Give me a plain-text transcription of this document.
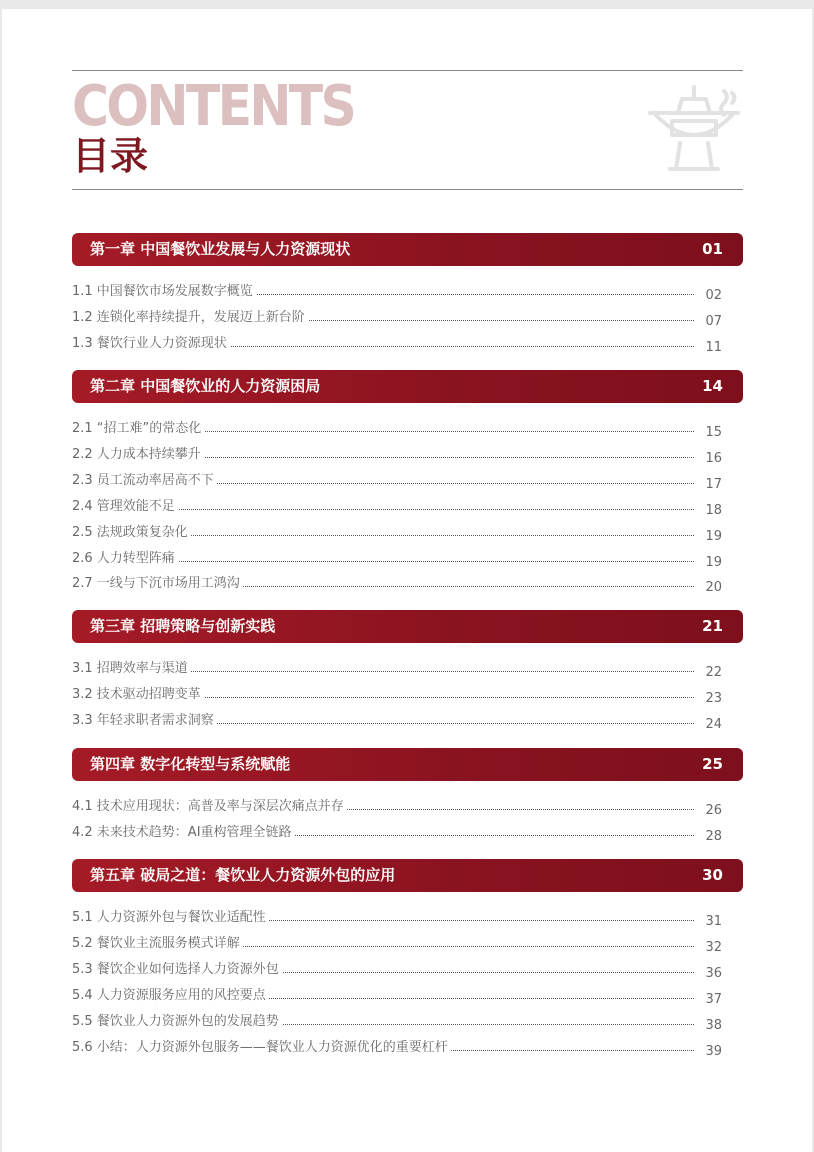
CONTENTS
目录
第一章 中国餐饮业发展与人力资源现状	01
1.1 中国餐饮市场发展数字概览	02
1.2 连锁化率持续提升，发展迈上新台阶	07
1.3 餐饮行业人力资源现状	11
第二章 中国餐饮业的人力资源困局	14
2.1 “招工难”的常态化	15
2.2 人力成本持续攀升	16
2.3 员工流动率居高不下	17
2.4 管理效能不足	18
2.5 法规政策复杂化	19
2.6 人力转型阵痛	19
2.7 一线与下沉市场用工鸿沟	20
第三章 招聘策略与创新实践	21
3.1 招聘效率与渠道	22
3.2 技术驱动招聘变革	23
3.3 年轻求职者需求洞察	24
第四章 数字化转型与系统赋能	25
4.1 技术应用现状：高普及率与深层次痛点并存	26
4.2 未来技术趋势：AI重构管理全链路	28
第五章 破局之道：餐饮业人力资源外包的应用	30
5.1 人力资源外包与餐饮业适配性	31
5.2 餐饮业主流服务模式详解	32
5.3 餐饮企业如何选择人力资源外包	36
5.4 人力资源服务应用的风控要点	37
5.5 餐饮业人力资源外包的发展趋势	38
5.6 小结：人力资源外包服务——餐饮业人力资源优化的重要杠杆	39
